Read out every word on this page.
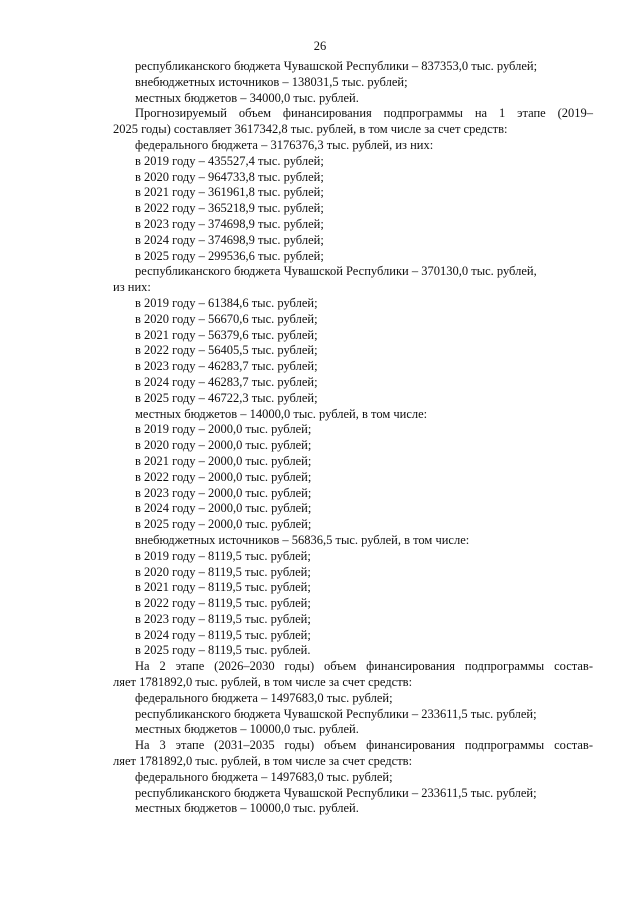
26
республиканского бюджета Чувашской Республики – 837353,0 тыс. рублей;
внебюджетных источников – 138031,5 тыс. рублей;
местных бюджетов – 34000,0 тыс. рублей.
Прогнозируемый объем финансирования подпрограммы на 1 этапе (2019–
2025 годы) составляет 3617342,8 тыс. рублей, в том числе за счет средств:
федерального бюджета – 3176376,3 тыс. рублей, из них:
в 2019 году – 435527,4 тыс. рублей;
в 2020 году – 964733,8 тыс. рублей;
в 2021 году – 361961,8 тыс. рублей;
в 2022 году – 365218,9 тыс. рублей;
в 2023 году – 374698,9 тыс. рублей;
в 2024 году – 374698,9 тыс. рублей;
в 2025 году – 299536,6 тыс. рублей;
республиканского бюджета Чувашской Республики – 370130,0 тыс. рублей,
из них:
в 2019 году – 61384,6 тыс. рублей;
в 2020 году – 56670,6 тыс. рублей;
в 2021 году – 56379,6 тыс. рублей;
в 2022 году – 56405,5 тыс. рублей;
в 2023 году – 46283,7 тыс. рублей;
в 2024 году – 46283,7 тыс. рублей;
в 2025 году – 46722,3 тыс. рублей;
местных бюджетов – 14000,0 тыс. рублей, в том числе:
в 2019 году – 2000,0 тыс. рублей;
в 2020 году – 2000,0 тыс. рублей;
в 2021 году – 2000,0 тыс. рублей;
в 2022 году – 2000,0 тыс. рублей;
в 2023 году – 2000,0 тыс. рублей;
в 2024 году – 2000,0 тыс. рублей;
в 2025 году – 2000,0 тыс. рублей;
внебюджетных источников – 56836,5 тыс. рублей, в том числе:
в 2019 году – 8119,5 тыс. рублей;
в 2020 году – 8119,5 тыс. рублей;
в 2021 году – 8119,5 тыс. рублей;
в 2022 году – 8119,5 тыс. рублей;
в 2023 году – 8119,5 тыс. рублей;
в 2024 году – 8119,5 тыс. рублей;
в 2025 году – 8119,5 тыс. рублей.
На 2 этапе (2026–2030 годы) объем финансирования подпрограммы состав-
ляет 1781892,0 тыс. рублей, в том числе за счет средств:
федерального бюджета – 1497683,0 тыс. рублей;
республиканского бюджета Чувашской Республики – 233611,5 тыс. рублей;
местных бюджетов – 10000,0 тыс. рублей.
На 3 этапе (2031–2035 годы) объем финансирования подпрограммы состав-
ляет 1781892,0 тыс. рублей, в том числе за счет средств:
федерального бюджета – 1497683,0 тыс. рублей;
республиканского бюджета Чувашской Республики – 233611,5 тыс. рублей;
местных бюджетов – 10000,0 тыс. рублей.
